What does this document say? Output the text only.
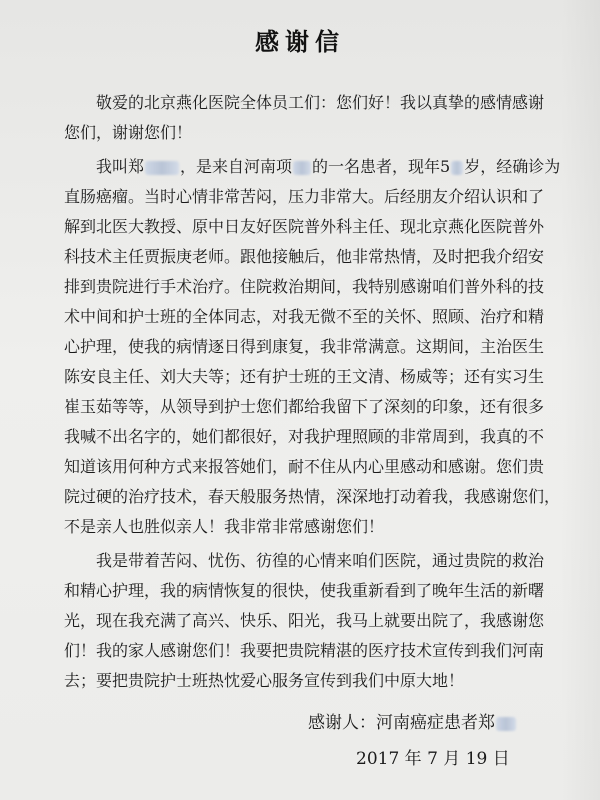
感谢信
敬爱的北京燕化医院全体员工们：您们好！我以真挚的感情感谢
您们，谢谢您们！
我叫郑 ，是来自河南项 的一名患者，现年5 岁，经确诊为
直肠癌瘤。当时心情非常苦闷，压力非常大。后经朋友介绍认识和了
解到北医大教授、原中日友好医院普外科主任、现北京燕化医院普外
科技术主任贾振庚老师。跟他接触后，他非常热情，及时把我介绍安
排到贵院进行手术治疗。住院救治期间，我特别感谢咱们普外科的技
术中间和护士班的全体同志，对我无微不至的关怀、照顾、治疗和精
心护理，使我的病情逐日得到康复，我非常满意。这期间，主治医生
陈安良主任、刘大夫等；还有护士班的王文清、杨威等；还有实习生
崔玉茹等等，从领导到护士您们都给我留下了深刻的印象，还有很多
我喊不出名字的，她们都很好，对我护理照顾的非常周到，我真的不
知道该用何种方式来报答她们，耐不住从内心里感动和感谢。您们贵
院过硬的治疗技术，春天般服务热情，深深地打动着我，我感谢您们，
不是亲人也胜似亲人！我非常非常感谢您们！
我是带着苦闷、忧伤、彷徨的心情来咱们医院，通过贵院的救治
和精心护理，我的病情恢复的很快，使我重新看到了晚年生活的新曙
光，现在我充满了高兴、快乐、阳光，我马上就要出院了，我感谢您
们！我的家人感谢您们！我要把贵院精湛的医疗技术宣传到我们河南
去；要把贵院护士班热忱爱心服务宣传到我们中原大地！
感谢人：河南癌症患者郑
2017 年 7 月 19 日
